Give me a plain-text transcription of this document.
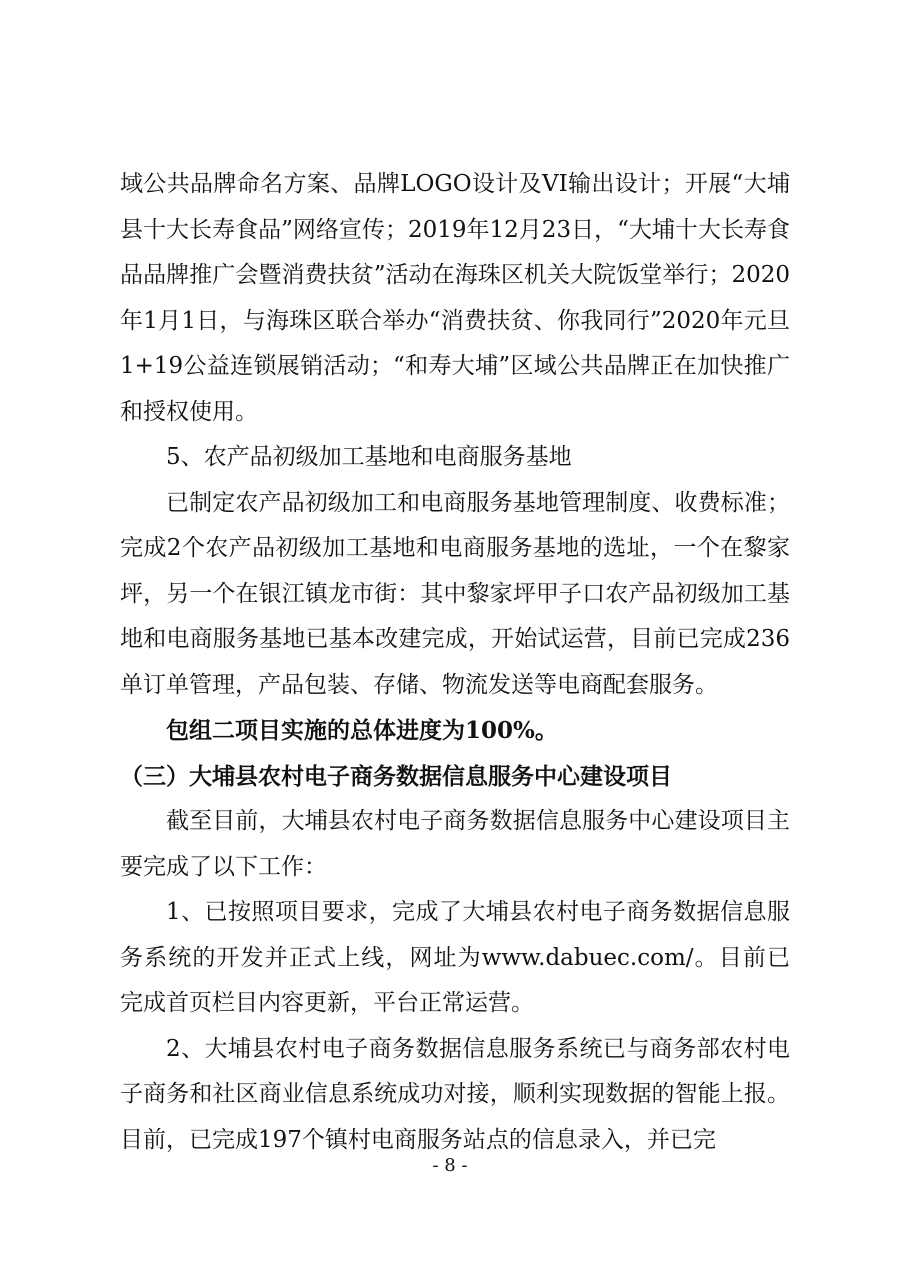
域公共品牌命名方案、品牌LOGO设计及VI输出设计；开展“大埔县十大长寿食品”网络宣传；2019年12月23日，“大埔十大长寿食品品牌推广会暨消费扶贫”活动在海珠区机关大院饭堂举行；2020年1月1日，与海珠区联合举办“消费扶贫、你我同行”2020年元旦1+19公益连锁展销活动；“和寿大埔”区域公共品牌正在加快推广和授权使用。

5、农产品初级加工基地和电商服务基地

已制定农产品初级加工和电商服务基地管理制度、收费标准；完成2个农产品初级加工基地和电商服务基地的选址，一个在黎家坪，另一个在银江镇龙市街：其中黎家坪甲子口农产品初级加工基地和电商服务基地已基本改建完成，开始试运营，目前已完成236单订单管理，产品包装、存储、物流发送等电商配套服务。

包组二项目实施的总体进度为100%。

（三）大埔县农村电子商务数据信息服务中心建设项目

截至目前，大埔县农村电子商务数据信息服务中心建设项目主要完成了以下工作：

1、已按照项目要求，完成了大埔县农村电子商务数据信息服务系统的开发并正式上线，网址为www.dabuec.com/。目前已完成首页栏目内容更新，平台正常运营。

2、大埔县农村电子商务数据信息服务系统已与商务部农村电子商务和社区商业信息系统成功对接，顺利实现数据的智能上报。目前，已完成197个镇村电商服务站点的信息录入，并已完

- 8 -
